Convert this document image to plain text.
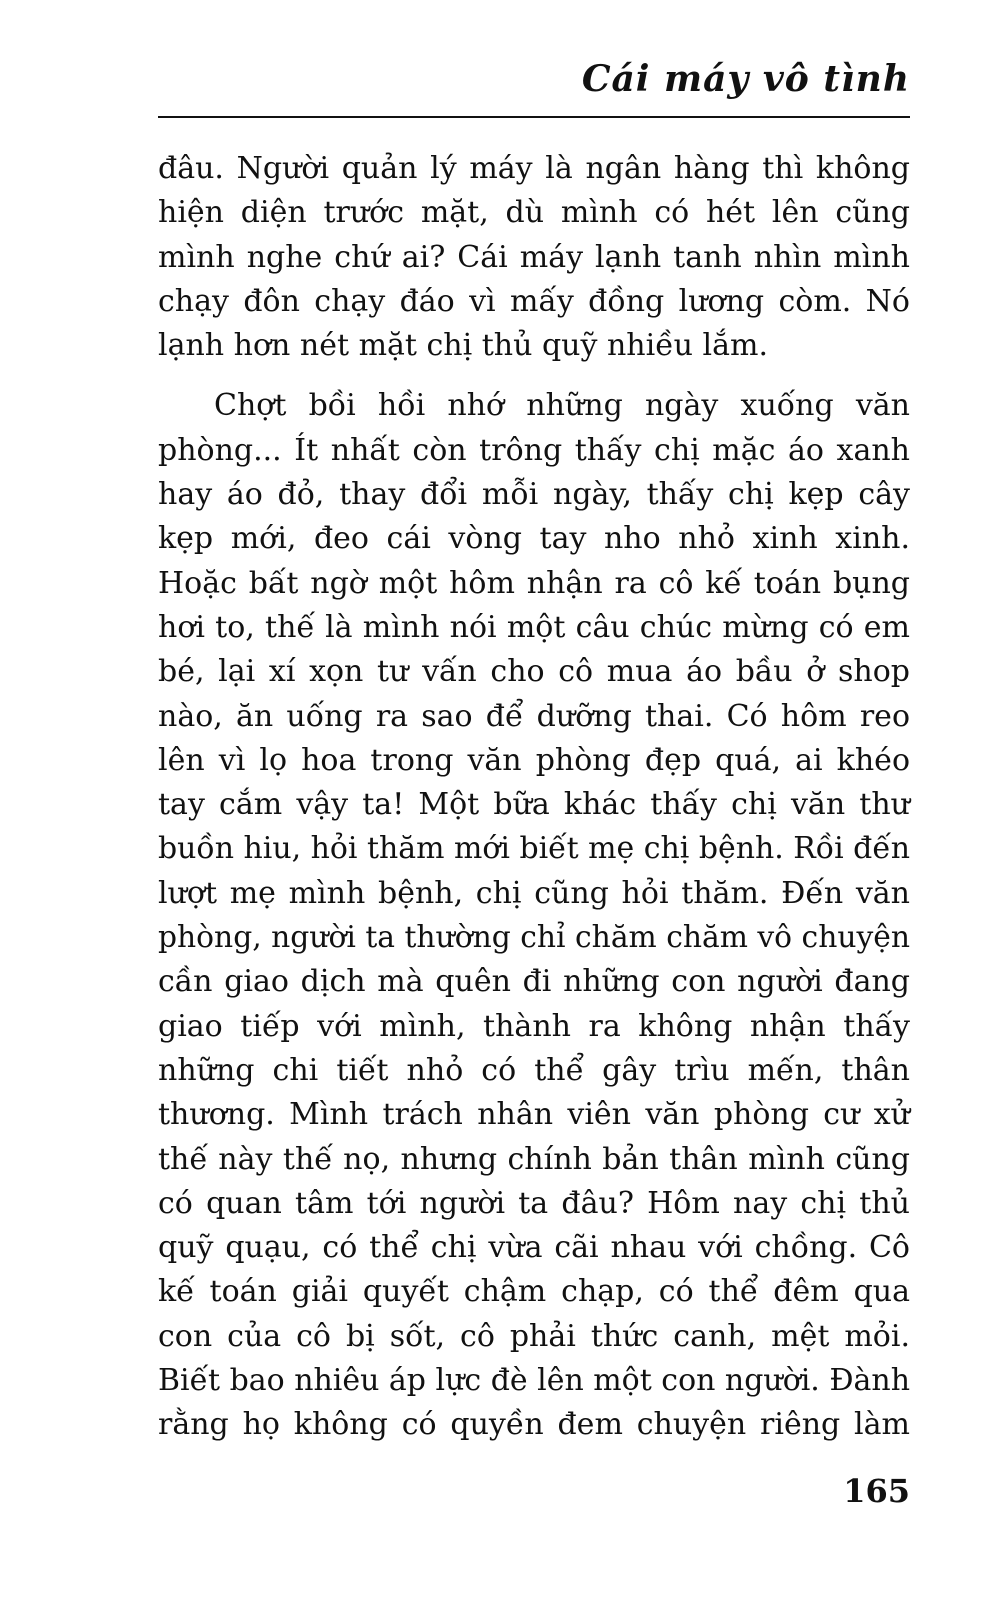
Cái máy vô tình

đâu. Người quản lý máy là ngân hàng thì không
hiện diện trước mặt, dù mình có hét lên cũng
mình nghe chứ ai? Cái máy lạnh tanh nhìn mình
chạy đôn chạy đáo vì mấy đồng lương còm. Nó
lạnh hơn nét mặt chị thủ quỹ nhiều lắm.

Chợt bồi hồi nhớ những ngày xuống văn
phòng... Ít nhất còn trông thấy chị mặc áo xanh
hay áo đỏ, thay đổi mỗi ngày, thấy chị kẹp cây
kẹp mới, đeo cái vòng tay nho nhỏ xinh xinh.
Hoặc bất ngờ một hôm nhận ra cô kế toán bụng
hơi to, thế là mình nói một câu chúc mừng có em
bé, lại xí xọn tư vấn cho cô mua áo bầu ở shop
nào, ăn uống ra sao để dưỡng thai. Có hôm reo
lên vì lọ hoa trong văn phòng đẹp quá, ai khéo
tay cắm vậy ta! Một bữa khác thấy chị văn thư
buồn hiu, hỏi thăm mới biết mẹ chị bệnh. Rồi đến
lượt mẹ mình bệnh, chị cũng hỏi thăm. Đến văn
phòng, người ta thường chỉ chăm chăm vô chuyện
cần giao dịch mà quên đi những con người đang
giao tiếp với mình, thành ra không nhận thấy
những chi tiết nhỏ có thể gây trìu mến, thân
thương. Mình trách nhân viên văn phòng cư xử
thế này thế nọ, nhưng chính bản thân mình cũng
có quan tâm tới người ta đâu? Hôm nay chị thủ
quỹ quạu, có thể chị vừa cãi nhau với chồng. Cô
kế toán giải quyết chậm chạp, có thể đêm qua
con của cô bị sốt, cô phải thức canh, mệt mỏi.
Biết bao nhiêu áp lực đè lên một con người. Đành
rằng họ không có quyền đem chuyện riêng làm

165
